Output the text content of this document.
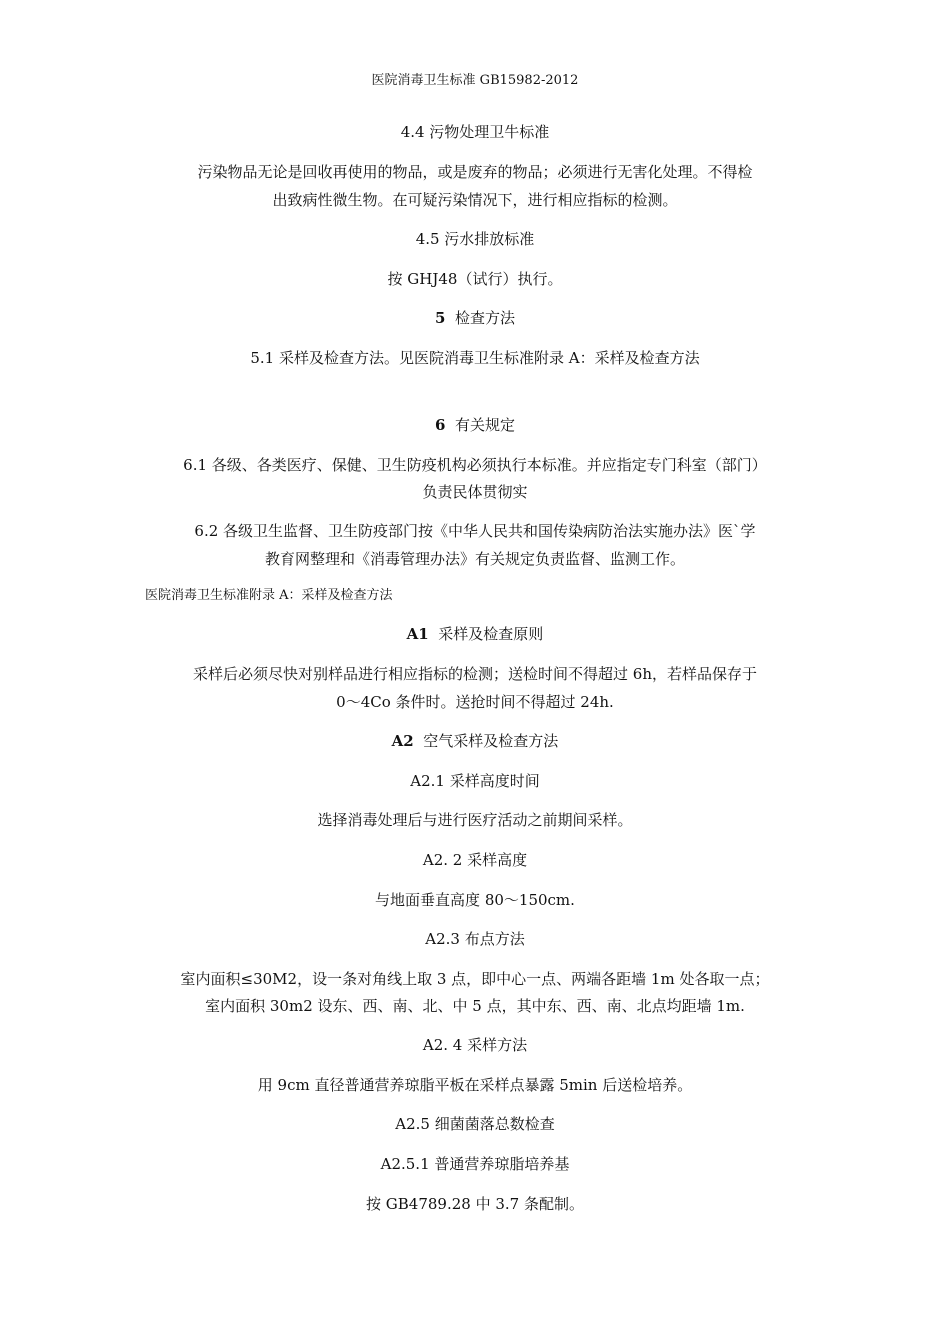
医院消毒卫生标准 GB15982-2012
4.4 污物处理卫牛标准
污染物品无论是回收再使用的物品，或是废弃的物品；必须进行无害化处理。不得检
出致病性微生物。在可疑污染情况下，进行相应指标的检测。
4.5 污水排放标准
按 GHJ48（试行）执行。
5 检查方法
5.1 采样及检查方法。见医院消毒卫生标准附录 A：采样及检查方法
6 有关规定
6.1 各级、各类医疗、保健、卫生防疫机构必须执行本标准。并应指定专门科室（部门）
负责民体贯彻实
6.2 各级卫生监督、卫生防疫部门按《中华人民共和国传染病防治法实施办法》医`学
教育网整理和《消毒管理办法》有关规定负责监督、监测工作。
医院消毒卫生标准附录 A：采样及检查方法
A1 采样及检查原则
采样后必须尽快对别样品进行相应指标的检测；送检时间不得超过 6h，若样品保存于
0～4Co 条件时。送抢时间不得超过 24h.
A2 空气采样及检查方法
A2.1 采样高度时间
选择消毒处理后与进行医疗活动之前期间采样。
A2. 2 采样高度
与地面垂直高度 80～150cm.
A2.3 布点方法
室内面积≤30M2，设一条对角线上取 3 点，即中心一点、两端各距墙 1m 处各取一点；
室内面积 30m2 设东、西、南、北、中 5 点，其中东、西、南、北点均距墙 1m.
A2. 4 采样方法
用 9cm 直径普通营养琼脂平板在采样点暴露 5min 后送检培养。
A2.5 细菌菌落总数检查
A2.5.1 普通营养琼脂培养基
按 GB4789.28 中 3.7 条配制。
